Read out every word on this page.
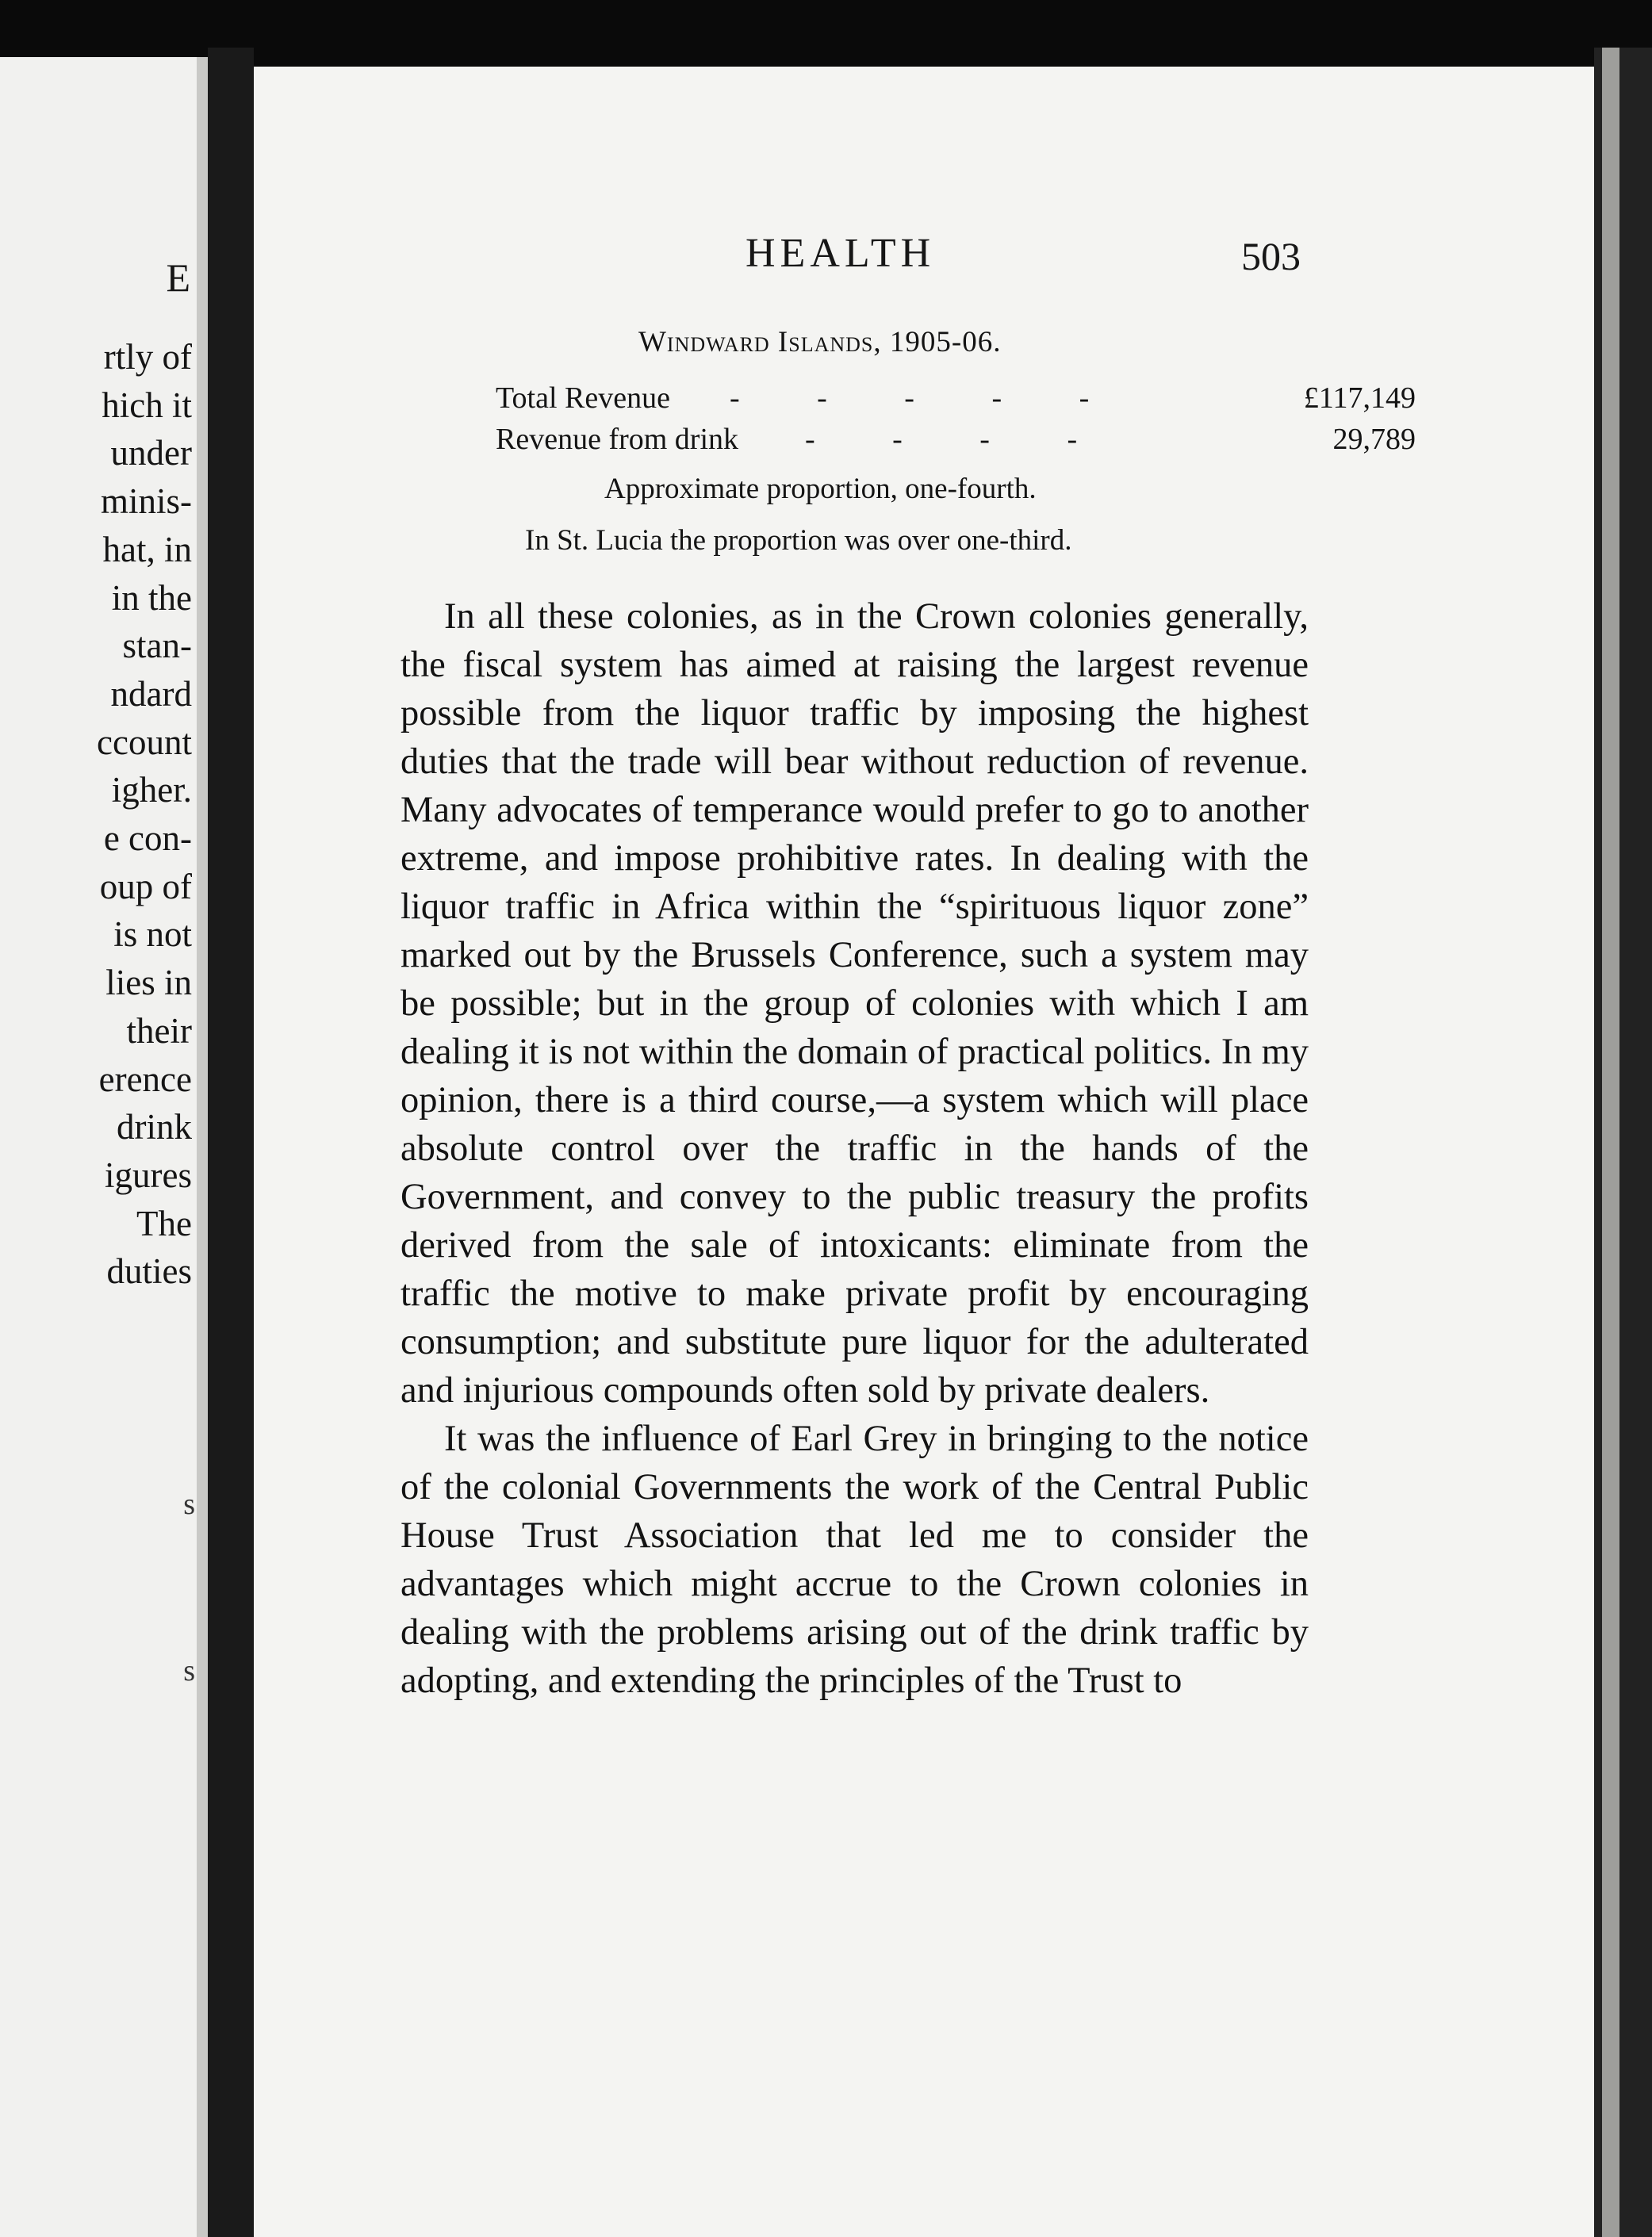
E
rtly of
hich it
under
minis-
hat, in
in the
stan-
ndard
ccount
igher.
e con-
oup of
is not
lies in
their
erence
drink
igures
The
duties
s
s
HEALTH	503
Windward Islands, 1905-06.
Total Revenue - - - - -	£117,149
Revenue from drink - - - -	29,789
Approximate proportion, one-fourth.
In St. Lucia the proportion was over one-third.

In all these colonies, as in the Crown colonies generally, the fiscal system has aimed at raising the largest revenue possible from the liquor traffic by imposing the highest duties that the trade will bear without reduction of revenue. Many advocates of temperance would prefer to go to another extreme, and impose prohibitive rates. In dealing with the liquor traffic in Africa within the “spirituous liquor zone” marked out by the Brussels Conference, such a system may be possible; but in the group of colonies with which I am dealing it is not within the domain of practical politics. In my opinion, there is a third course,—a system which will place absolute control over the traffic in the hands of the Government, and convey to the public treasury the profits derived from the sale of intoxicants: eliminate from the traffic the motive to make private profit by encouraging consumption; and substitute pure liquor for the adulterated and injurious compounds often sold by private dealers.

It was the influence of Earl Grey in bringing to the notice of the colonial Governments the work of the Central Public House Trust Association that led me to consider the advantages which might accrue to the Crown colonies in dealing with the problems arising out of the drink traffic by adopting, and extending the principles of the Trust to
